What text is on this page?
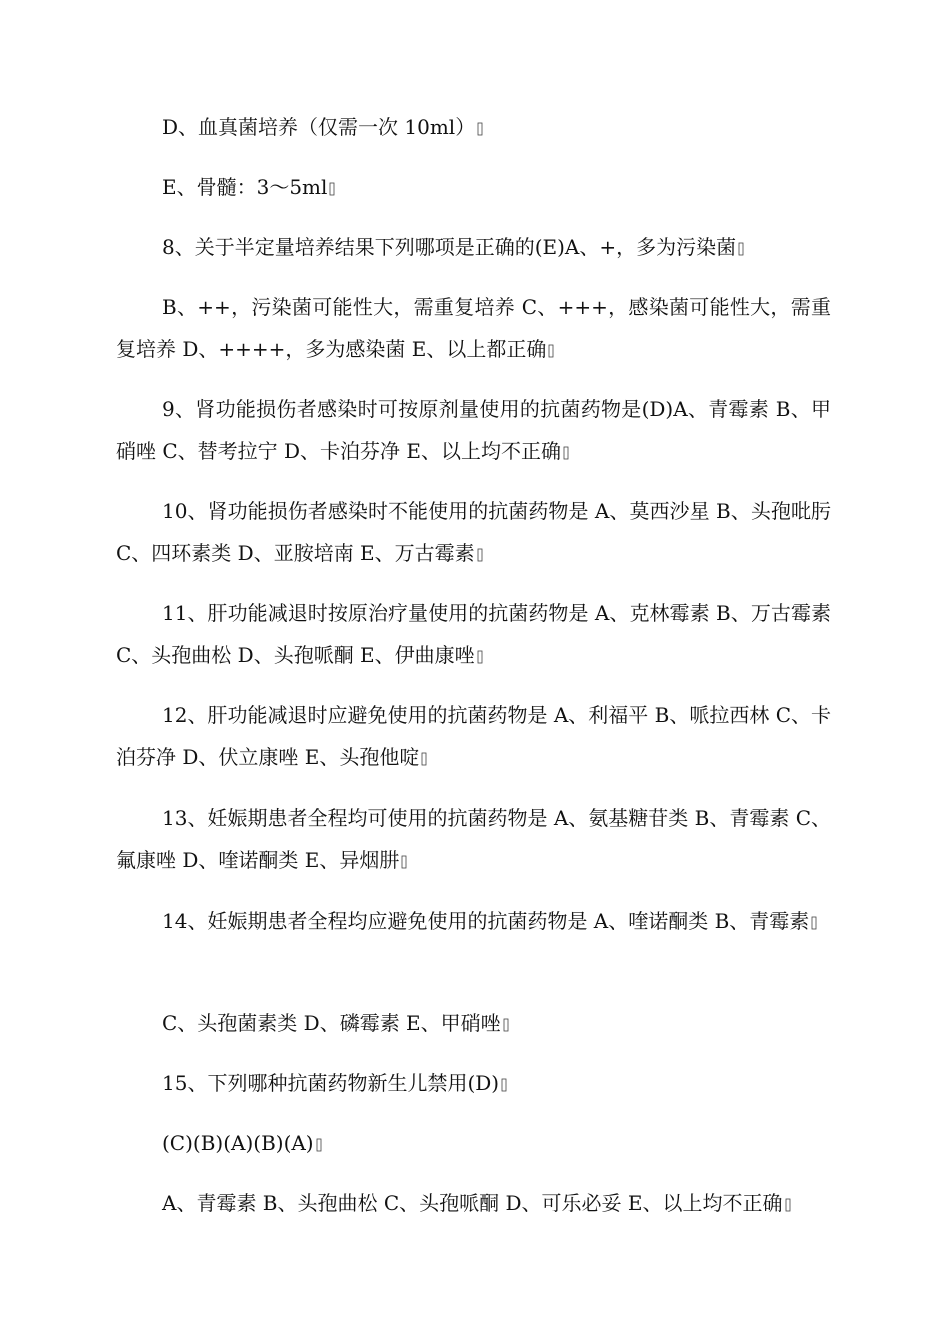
D、血真菌培养（仅需一次 10ml）

E、骨髓：3～5ml

8、关于半定量培养结果下列哪项是正确的(E)A、+，多为污染菌

B、++，污染菌可能性大，需重复培养 C、+++，感染菌可能性大，需重复培养 D、++++，多为感染菌 E、以上都正确

9、肾功能损伤者感染时可按原剂量使用的抗菌药物是(D)A、青霉素 B、甲硝唑 C、替考拉宁 D、卡泊芬净 E、以上均不正确

10、肾功能损伤者感染时不能使用的抗菌药物是 A、莫西沙星 B、头孢吡肟 C、四环素类 D、亚胺培南 E、万古霉素

11、肝功能减退时按原治疗量使用的抗菌药物是 A、克林霉素 B、万古霉素 C、头孢曲松 D、头孢哌酮 E、伊曲康唑

12、肝功能减退时应避免使用的抗菌药物是 A、利福平 B、哌拉西林 C、卡泊芬净 D、伏立康唑 E、头孢他啶

13、妊娠期患者全程均可使用的抗菌药物是 A、氨基糖苷类 B、青霉素 C、氟康唑 D、喹诺酮类 E、异烟肼

14、妊娠期患者全程均应避免使用的抗菌药物是 A、喹诺酮类 B、青霉素

C、头孢菌素类 D、磷霉素 E、甲硝唑

15、下列哪种抗菌药物新生儿禁用(D)

(C)(B)(A)(B)(A)

A、青霉素 B、头孢曲松 C、头孢哌酮 D、可乐必妥 E、以上均不正确
